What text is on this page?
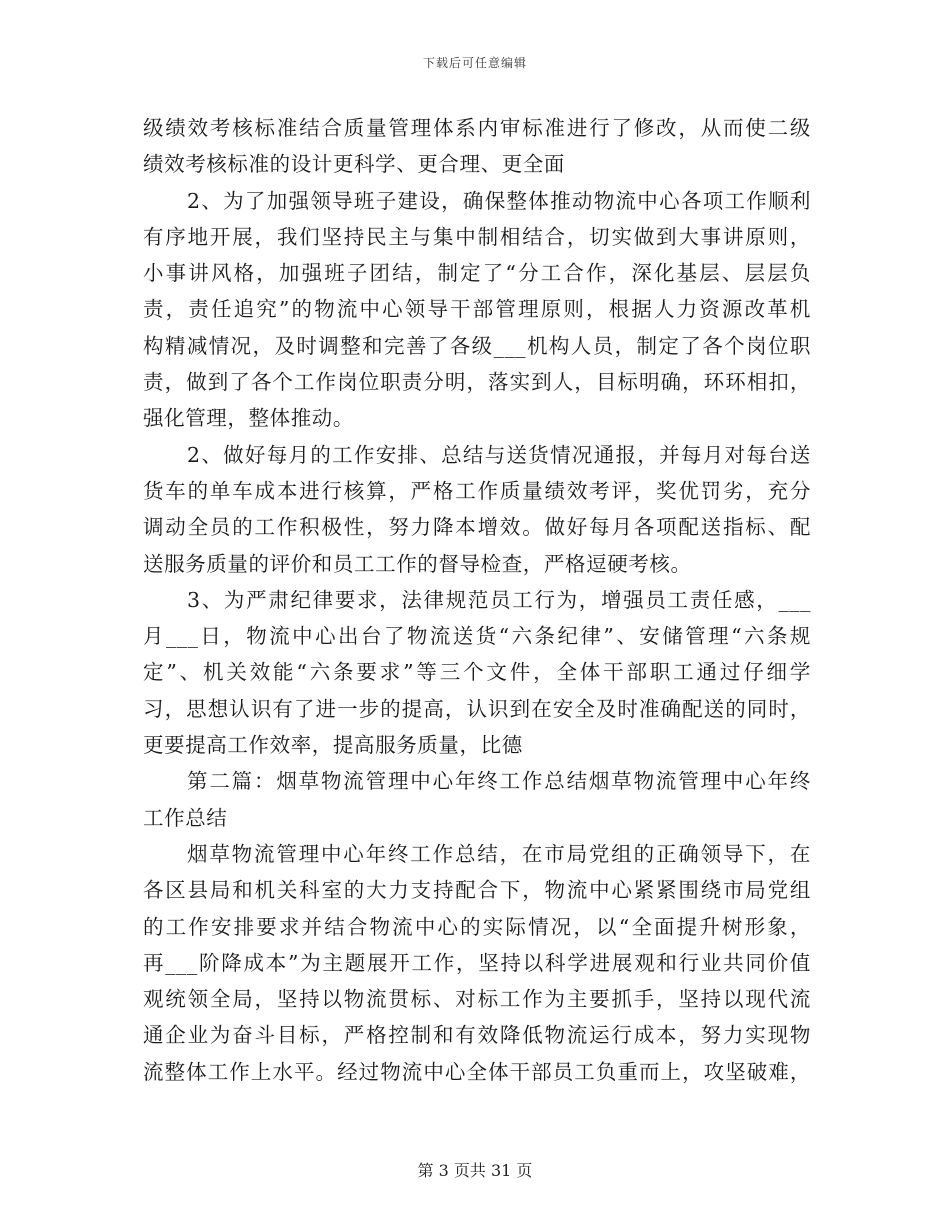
下载后可任意编辑
级绩效考核标准结合质量管理体系内审标准进行了修改，从而使二级
绩效考核标准的设计更科学、更合理、更全面
2、为了加强领导班子建设，确保整体推动物流中心各项工作顺利
有序地开展，我们坚持民主与集中制相结合，切实做到大事讲原则，
小事讲风格，加强班子团结，制定了“分工合作，深化基层、层层负
责，责任追究”的物流中心领导干部管理原则，根据人力资源改革机
构精减情况，及时调整和完善了各级___机构人员，制定了各个岗位职
责，做到了各个工作岗位职责分明，落实到人，目标明确，环环相扣，
强化管理，整体推动。
2、做好每月的工作安排、总结与送货情况通报，并每月对每台送
货车的单车成本进行核算，严格工作质量绩效考评，奖优罚劣，充分
调动全员的工作积极性，努力降本增效。做好每月各项配送指标、配
送服务质量的评价和员工工作的督导检查，严格逗硬考核。
3、为严肃纪律要求，法律规范员工行为，增强员工责任感，___
月___日，物流中心出台了物流送货“六条纪律”、安储管理“六条规
定”、机关效能“六条要求”等三个文件，全体干部职工通过仔细学
习，思想认识有了进一步的提高，认识到在安全及时准确配送的同时，
更要提高工作效率，提高服务质量，比德
第二篇：烟草物流管理中心年终工作总结烟草物流管理中心年终
工作总结
烟草物流管理中心年终工作总结，在市局党组的正确领导下，在
各区县局和机关科室的大力支持配合下，物流中心紧紧围绕市局党组
的工作安排要求并结合物流中心的实际情况，以“全面提升树形象，
再___阶降成本”为主题展开工作，坚持以科学进展观和行业共同价值
观统领全局，坚持以物流贯标、对标工作为主要抓手，坚持以现代流
通企业为奋斗目标，严格控制和有效降低物流运行成本，努力实现物
流整体工作上水平。经过物流中心全体干部员工负重而上，攻坚破难，
第 3 页共 31 页
